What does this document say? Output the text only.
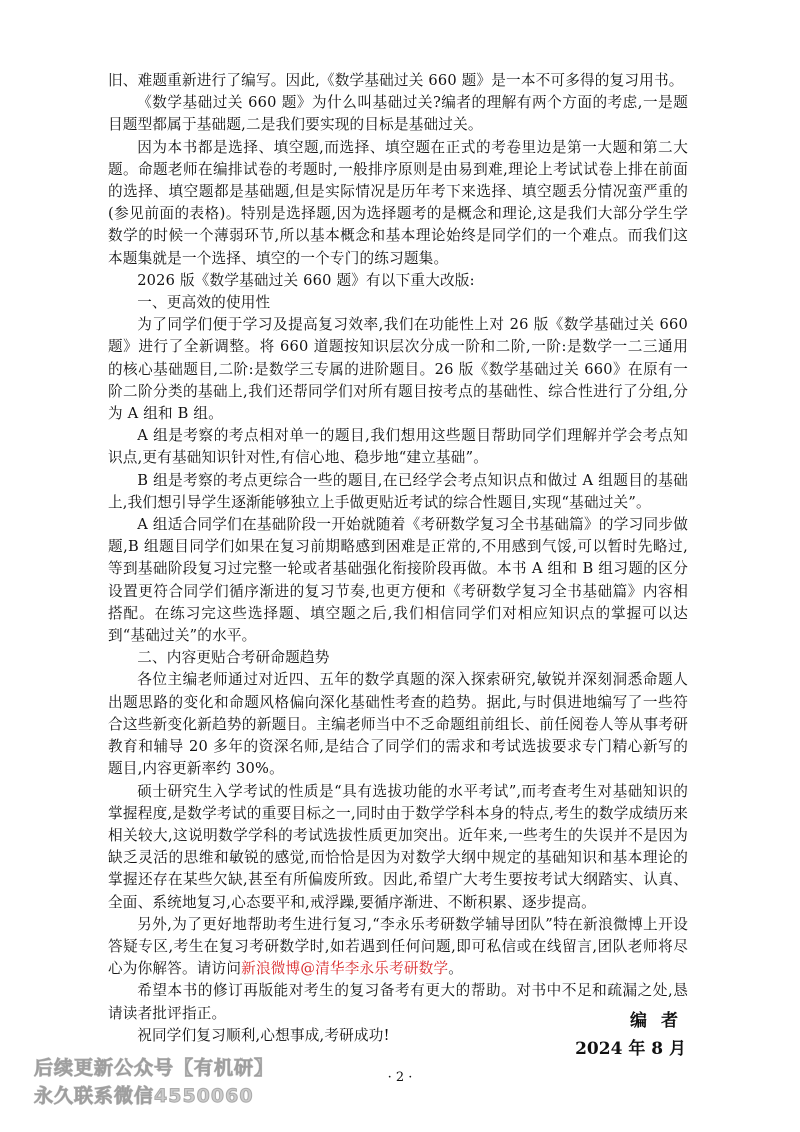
旧、难题重新进行了编写。因此,《数学基础过关 660 题》是一本不可多得的复习用书。

《数学基础过关 660 题》为什么叫基础过关?编者的理解有两个方面的考虑,一是题目题型都属于基础题,二是我们要实现的目标是基础过关。

因为本书都是选择、填空题,而选择、填空题在正式的考卷里边是第一大题和第二大题。命题老师在编排试卷的考题时,一般排序原则是由易到难,理论上考试试卷上排在前面的选择、填空题都是基础题,但是实际情况是历年考下来选择、填空题丢分情况蛮严重的(参见前面的表格)。特别是选择题,因为选择题考的是概念和理论,这是我们大部分学生学数学的时候一个薄弱环节,所以基本概念和基本理论始终是同学们的一个难点。而我们这本题集就是一个选择、填空的一个专门的练习题集。

2026 版《数学基础过关 660 题》有以下重大改版:

一、更高效的使用性

为了同学们便于学习及提高复习效率,我们在功能性上对 26 版《数学基础过关 660 题》进行了全新调整。将 660 道题按知识层次分成一阶和二阶,一阶:是数学一二三通用的核心基础题目,二阶:是数学三专属的进阶题目。26 版《数学基础过关 660》在原有一阶二阶分类的基础上,我们还帮同学们对所有题目按考点的基础性、综合性进行了分组,分为 A 组和 B 组。

A 组是考察的考点相对单一的题目,我们想用这些题目帮助同学们理解并学会考点知识点,更有基础知识针对性,有信心地、稳步地“建立基础”。

B 组是考察的考点更综合一些的题目,在已经学会考点知识点和做过 A 组题目的基础上,我们想引导学生逐渐能够独立上手做更贴近考试的综合性题目,实现“基础过关”。

A 组适合同学们在基础阶段一开始就随着《考研数学复习全书基础篇》的学习同步做题,B 组题目同学们如果在复习前期略感到困难是正常的,不用感到气馁,可以暂时先略过,等到基础阶段复习过完整一轮或者基础强化衔接阶段再做。本书 A 组和 B 组习题的区分设置更符合同学们循序渐进的复习节奏,也更方便和《考研数学复习全书基础篇》内容相搭配。在练习完这些选择题、填空题之后,我们相信同学们对相应知识点的掌握可以达到“基础过关”的水平。

二、内容更贴合考研命题趋势

各位主编老师通过对近四、五年的数学真题的深入探索研究,敏锐并深刻洞悉命题人出题思路的变化和命题风格偏向深化基础性考查的趋势。据此,与时俱进地编写了一些符合这些新变化新趋势的新题目。主编老师当中不乏命题组前组长、前任阅卷人等从事考研教育和辅导 20 多年的资深名师,是结合了同学们的需求和考试选拔要求专门精心新写的题目,内容更新率约 30%。

硕士研究生入学考试的性质是“具有选拔功能的水平考试”,而考查考生对基础知识的掌握程度,是数学考试的重要目标之一,同时由于数学学科本身的特点,考生的数学成绩历来相关较大,这说明数学学科的考试选拔性质更加突出。近年来,一些考生的失误并不是因为缺乏灵活的思维和敏锐的感觉,而恰恰是因为对数学大纲中规定的基础知识和基本理论的掌握还存在某些欠缺,甚至有所偏废所致。因此,希望广大考生要按考试大纲踏实、认真、全面、系统地复习,心态要平和,戒浮躁,要循序渐进、不断积累、逐步提高。

另外,为了更好地帮助考生进行复习,“李永乐考研数学辅导团队”特在新浪微博上开设答疑专区,考生在复习考研数学时,如若遇到任何问题,即可私信或在线留言,团队老师将尽心为你解答。请访问新浪微博@清华李永乐考研数学。

希望本书的修订再版能对考生的复习备考有更大的帮助。对书中不足和疏漏之处,恳请读者批评指正。

祝同学们复习顺利,心想事成,考研成功!

编者
2024 年 8 月
· 2 ·
后续更新公众号【有机研】
永久联系微信4550060
